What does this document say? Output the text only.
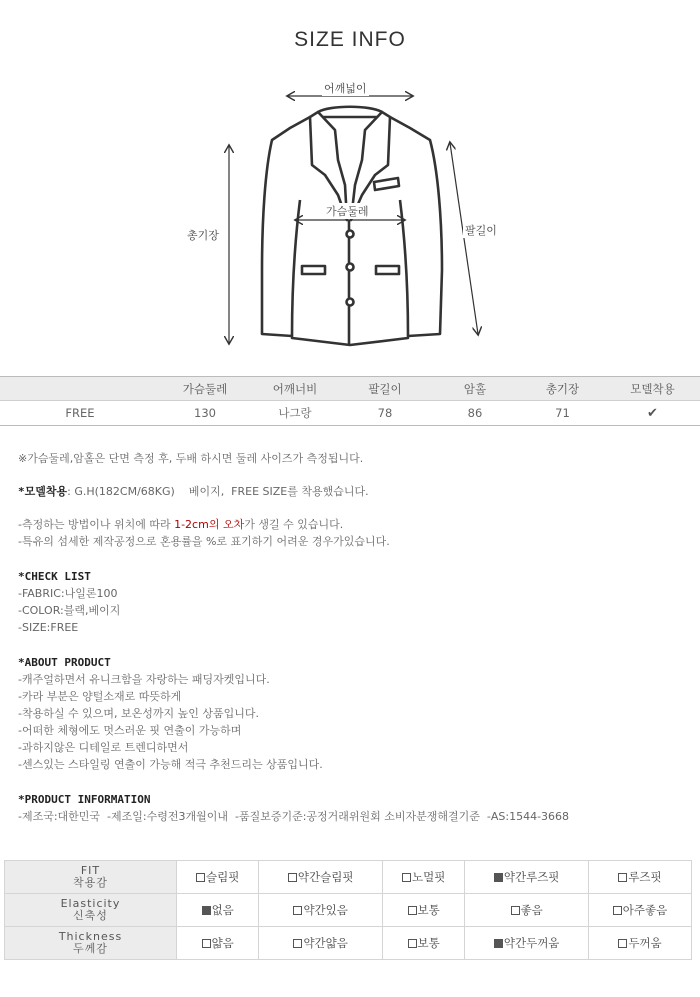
SIZE INFO
어깨넓이
가슴둘레
총기장	팔길이
	가슴둘레	어깨너비	팔길이	암홀	총기장	모델착용
FREE	130	나그랑	78	86	71	✔
※가슴둘레,암홀은 단면 측정 후, 두배 하시면 둘레 사이즈가 측정됩니다.
*모델착용: G.H(182CM/68KG)    베이지,  FREE SIZE를 착용했습니다.
-측정하는 방법이나 위치에 따라 1-2cm의 오차가 생길 수 있습니다.
-특유의 섬세한 제작공정으로 혼용률을 %로 표기하기 어려운 경우가있습니다.
*CHECK LIST
-FABRIC:나일론100
-COLOR:블랙,베이지
-SIZE:FREE
*ABOUT PRODUCT
-캐주얼하면서 유니크함을 자랑하는 패딩자켓입니다.
-카라 부분은 양털소재로 따뜻하게
-착용하실 수 있으며, 보온성까지 높인 상품입니다.
-어떠한 체형에도 멋스러운 핏 연출이 가능하며
-과하지않은 디테일로 트렌디하면서
-센스있는 스타일링 연출이 가능해 적극 추천드리는 상품입니다.
*PRODUCT INFORMATION
-제조국:대한민국  -제조일:수령전3개월이내  -품질보증기준:공정거래위원회 소비자분쟁해결기준  -AS:1544-3668
FIT
착용감	슬림핏	약간슬림핏	노멀핏	약간루즈핏	루즈핏

Elasticity
신축성	없음	약간있음	보통	좋음	아주좋음

Thickness
두께감	얇음	약간얇음	보통	약간두꺼움	두꺼움
